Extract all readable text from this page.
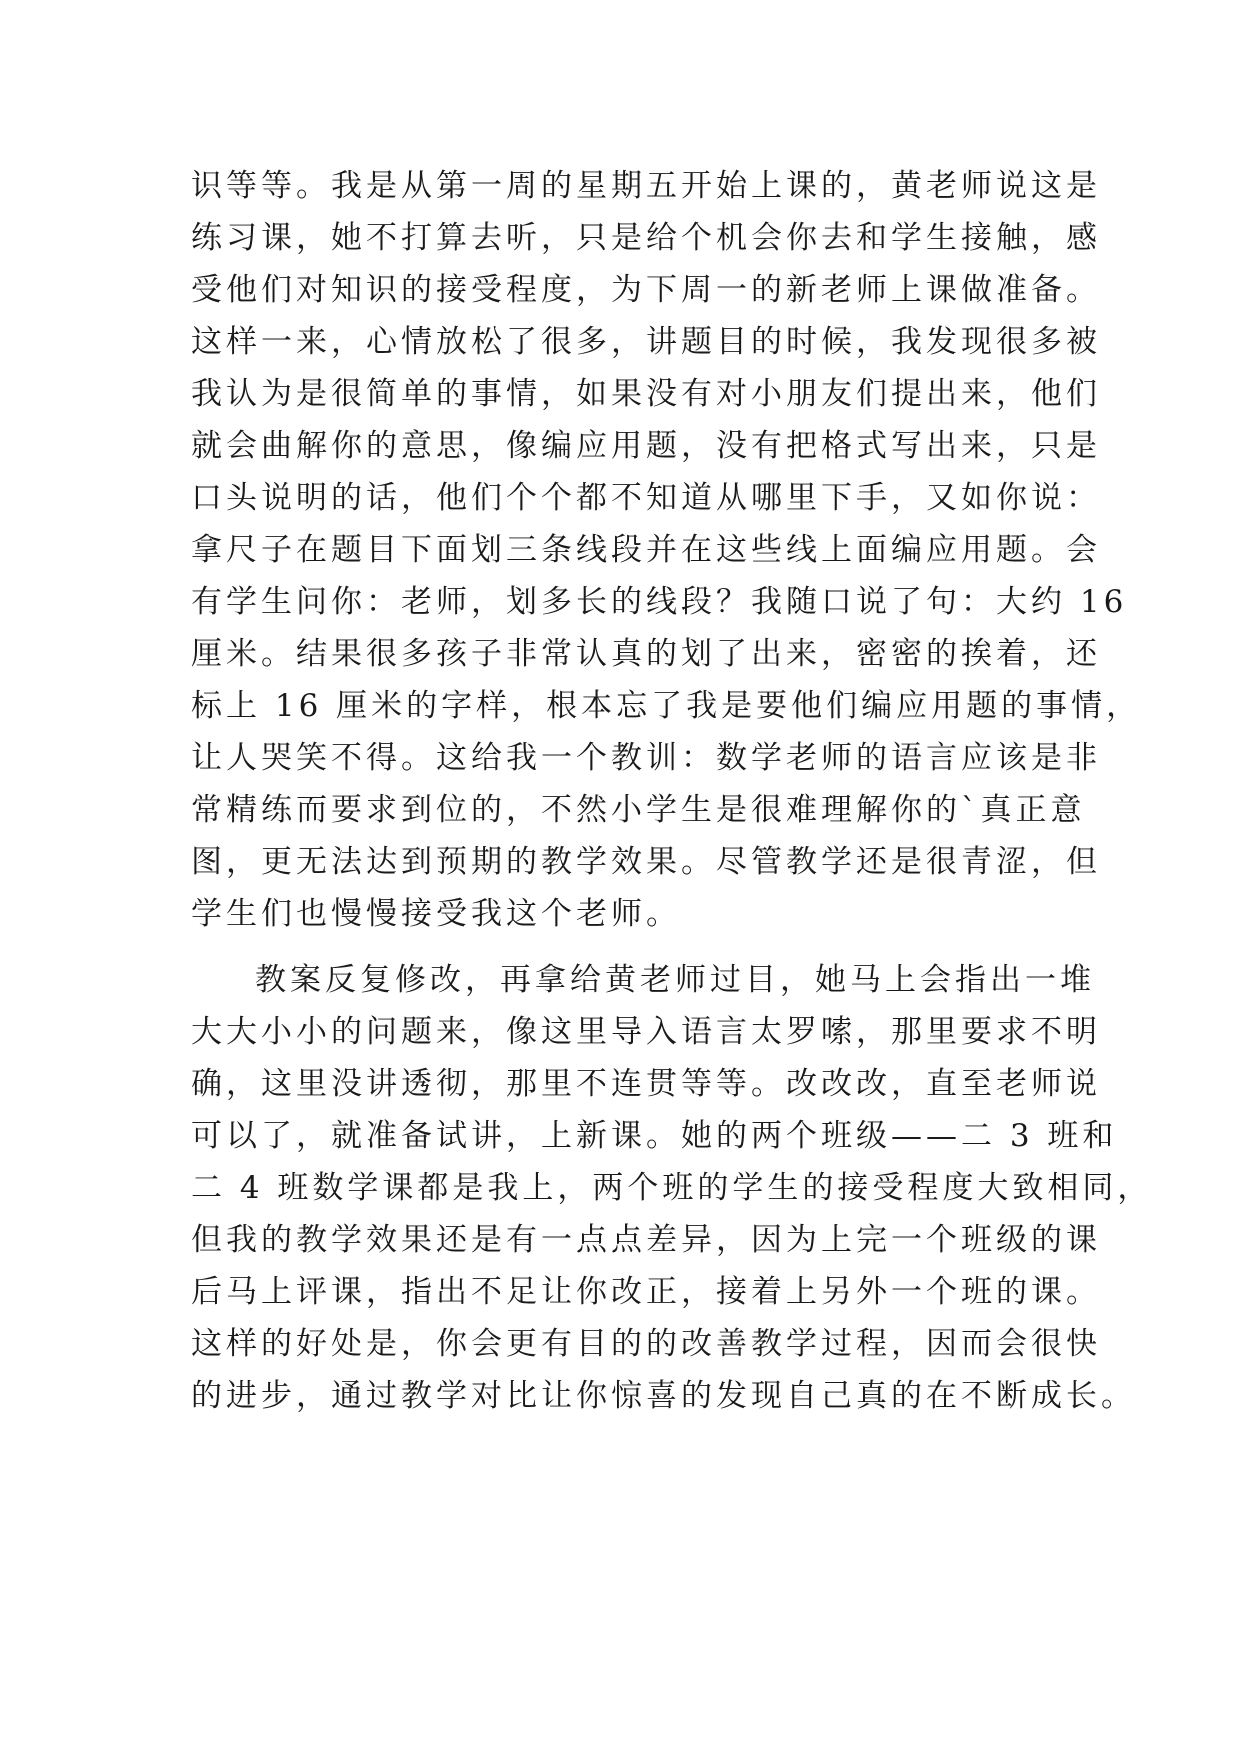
识等等。我是从第一周的星期五开始上课的，黄老师说这是
练习课，她不打算去听，只是给个机会你去和学生接触，感
受他们对知识的接受程度，为下周一的新老师上课做准备。
这样一来，心情放松了很多，讲题目的时候，我发现很多被
我认为是很简单的事情，如果没有对小朋友们提出来，他们
就会曲解你的意思，像编应用题，没有把格式写出来，只是
口头说明的话，他们个个都不知道从哪里下手，又如你说：
拿尺子在题目下面划三条线段并在这些线上面编应用题。会
有学生问你：老师，划多长的线段？我随口说了句：大约 16
厘米。结果很多孩子非常认真的划了出来，密密的挨着，还
标上 16 厘米的字样，根本忘了我是要他们编应用题的事情，
让人哭笑不得。这给我一个教训：数学老师的语言应该是非
常精练而要求到位的，不然小学生是很难理解你的`真正意
图，更无法达到预期的教学效果。尽管教学还是很青涩，但
学生们也慢慢接受我这个老师。
教案反复修改，再拿给黄老师过目，她马上会指出一堆
大大小小的问题来，像这里导入语言太罗嗦，那里要求不明
确，这里没讲透彻，那里不连贯等等。改改改，直至老师说
可以了，就准备试讲，上新课。她的两个班级——二 3 班和
二 4 班数学课都是我上，两个班的学生的接受程度大致相同，
但我的教学效果还是有一点点差异，因为上完一个班级的课
后马上评课，指出不足让你改正，接着上另外一个班的课。
这样的好处是，你会更有目的的改善教学过程，因而会很快
的进步，通过教学对比让你惊喜的发现自己真的在不断成长。
